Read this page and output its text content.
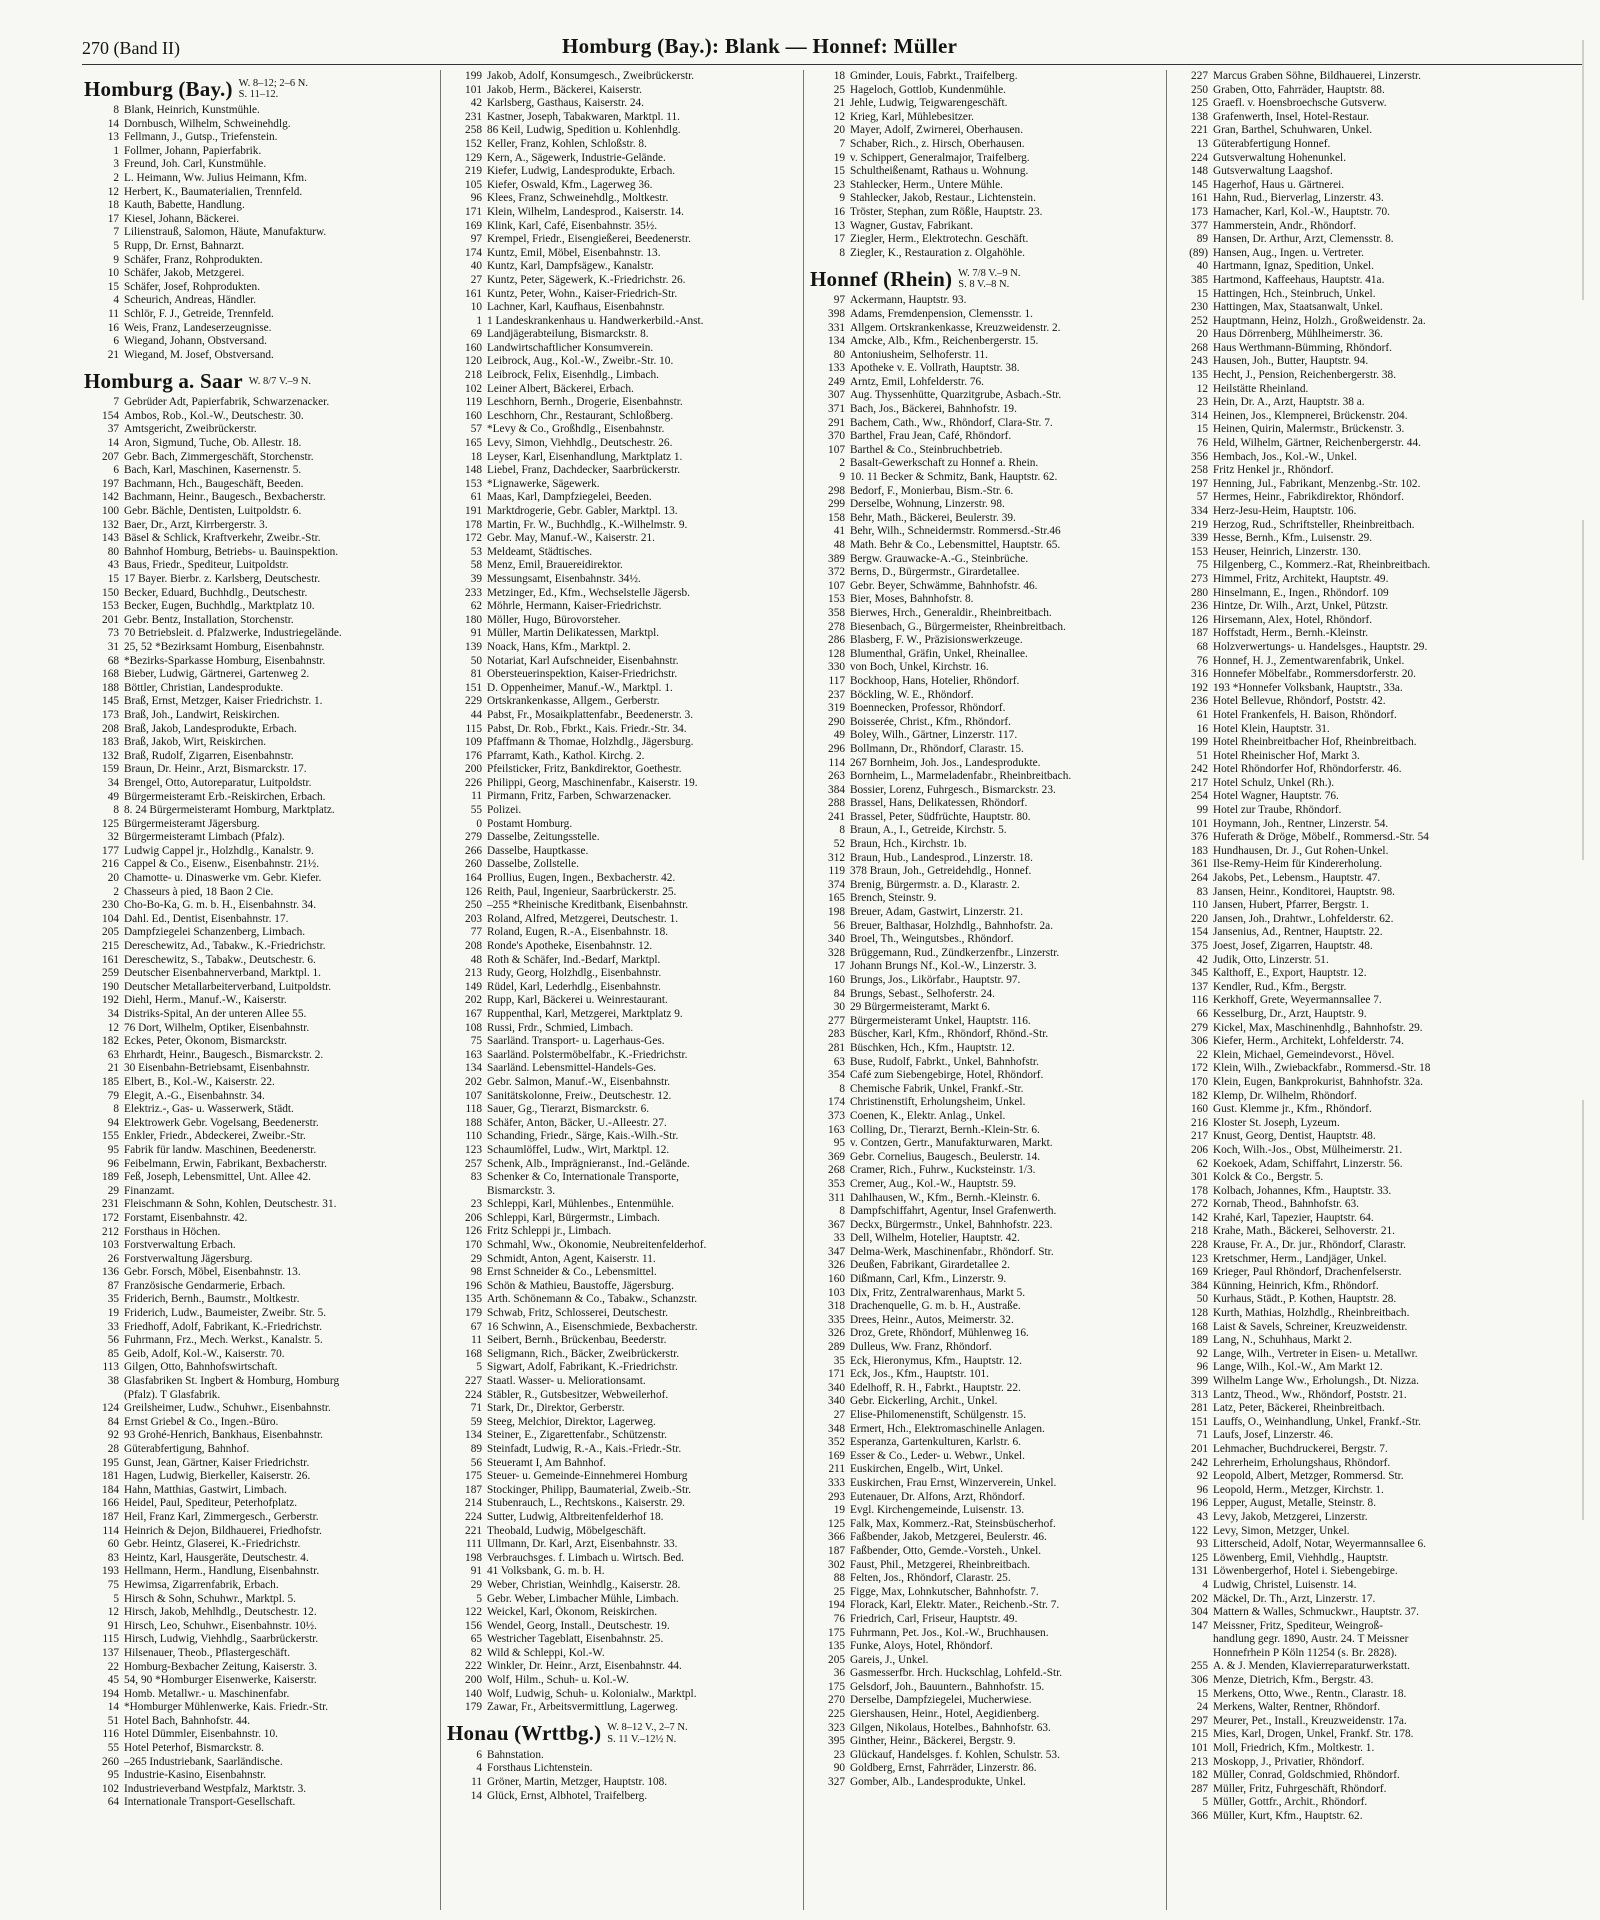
270 (Band II)	Homburg (Bay.): Blank — Honnef: Müller
Homburg (Bay.) W. 8–12; 2–6 N.
S. 11–12.
8 Blank, Heinrich, Kunstmühle.
14 Dornbusch, Wilhelm, Schweinehdlg.
13 Fellmann, J., Gutsp., Triefenstein.
1 Follmer, Johann, Papierfabrik.
3 Freund, Joh. Carl, Kunstmühle.
2 L. Heimann, Ww. Julius Heimann, Kfm.
12 Herbert, K., Baumaterialien, Trennfeld.
18 Kauth, Babette, Handlung.
17 Kiesel, Johann, Bäckerei.
7 Lilienstrauß, Salomon, Häute, Manufakturw.
5 Rupp, Dr. Ernst, Bahnarzt.
9 Schäfer, Franz, Rohprodukten.
10 Schäfer, Jakob, Metzgerei.
15 Schäfer, Josef, Rohprodukten.
4 Scheurich, Andreas, Händler.
11 Schlör, F. J., Getreide, Trennfeld.
16 Weis, Franz, Landeserzeugnisse.
6 Wiegand, Johann, Obstversand.
21 Wiegand, M. Josef, Obstversand.
Homburg a. Saar W. 8/7 V.–9 N.
7 Gebrüder Adt, Papierfabrik, Schwarzenacker.
154 Ambos, Rob., Kol.-W., Deutschestr. 30.
37 Amtsgericht, Zweibrückerstr.
14 Aron, Sigmund, Tuche, Ob. Allestr. 18.
207 Gebr. Bach, Zimmergeschäft, Storchenstr.
6 Bach, Karl, Maschinen, Kasernenstr. 5.
197 Bachmann, Hch., Baugeschäft, Beeden.
142 Bachmann, Heinr., Baugesch., Bexbacherstr.
100 Gebr. Bächle, Dentisten, Luitpoldstr. 6.
132 Baer, Dr., Arzt, Kirrbergerstr. 3.
143 Bäsel & Schlick, Kraftverkehr, Zweibr.-Str.
80 Bahnhof Homburg, Betriebs- u. Bauinspektion.
43 Baus, Friedr., Spediteur, Luitpoldstr.
15 17 Bayer. Bierbr. z. Karlsberg, Deutschestr.
150 Becker, Eduard, Buchhdlg., Deutschestr.
153 Becker, Eugen, Buchhdlg., Marktplatz 10.
201 Gebr. Bentz, Installation, Storchenstr.
73 70 Betriebsleit. d. Pfalzwerke, Industriegelände.
31 25, 52 *Bezirksamt Homburg, Eisenbahnstr.
68 *Bezirks-Sparkasse Homburg, Eisenbahnstr.
168 Bieber, Ludwig, Gärtnerei, Gartenweg 2.
188 Böttler, Christian, Landesprodukte.
145 Braß, Ernst, Metzger, Kaiser Friedrichstr. 1.
173 Braß, Joh., Landwirt, Reiskirchen.
208 Braß, Jakob, Landesprodukte, Erbach.
183 Braß, Jakob, Wirt, Reiskirchen.
132 Braß, Rudolf, Zigarren, Eisenbahnstr.
159 Braun, Dr. Heinr., Arzt, Bismarckstr. 17.
34 Brengel, Otto, Autoreparatur, Luitpoldstr.
49 Bürgermeisteramt Erb.-Reiskirchen, Erbach.
8 8. 24 Bürgermeisteramt Homburg, Marktplatz.
125 Bürgermeisteramt Jägersburg.
32 Bürgermeisteramt Limbach (Pfalz).
177 Ludwig Cappel jr., Holzhdlg., Kanalstr. 9.
216 Cappel & Co., Eisenw., Eisenbahnstr. 21½.
20 Chamotte- u. Dinaswerke vm. Gebr. Kiefer.
2 Chasseurs à pied, 18 Baon 2 Cie.
230 Cho-Bo-Ka, G. m. b. H., Eisenbahnstr. 34.
104 Dahl. Ed., Dentist, Eisenbahnstr. 17.
205 Dampfziegelei Schanzenberg, Limbach.
215 Dereschewitz, Ad., Tabakw., K.-Friedrichstr.
161 Dereschewitz, S., Tabakw., Deutschestr. 6.
259 Deutscher Eisenbahnerverband, Marktpl. 1.
190 Deutscher Metallarbeiterverband, Luitpoldstr.
192 Diehl, Herm., Manuf.-W., Kaiserstr.
34 Distriks-Spital, An der unteren Allee 55.
12 76 Dort, Wilhelm, Optiker, Eisenbahnstr.
182 Eckes, Peter, Ökonom, Bismarckstr.
63 Ehrhardt, Heinr., Baugesch., Bismarckstr. 2.
21 30 Eisenbahn-Betriebsamt, Eisenbahnstr.
185 Elbert, B., Kol.-W., Kaiserstr. 22.
79 Elegit, A.-G., Eisenbahnstr. 34.
8 Elektriz.-, Gas- u. Wasserwerk, Städt.
94 Elektrowerk Gebr. Vogelsang, Beedenerstr.
155 Enkler, Friedr., Abdeckerei, Zweibr.-Str.
95 Fabrik für landw. Maschinen, Beedenerstr.
96 Feibelmann, Erwin, Fabrikant, Bexbacherstr.
189 Feß, Joseph, Lebensmittel, Unt. Allee 42.
29 Finanzamt.
231 Fleischmann & Sohn, Kohlen, Deutschestr. 31.
172 Forstamt, Eisenbahnstr. 42.
212 Forsthaus in Höchen.
103 Forstverwaltung Erbach.
26 Forstverwaltung Jägersburg.
136 Gebr. Forsch, Möbel, Eisenbahnstr. 13.
87 Französische Gendarmerie, Erbach.
35 Friderich, Bernh., Baumstr., Moltkestr.
19 Friderich, Ludw., Baumeister, Zweibr. Str. 5.
33 Friedhoff, Adolf, Fabrikant, K.-Friedrichstr.
56 Fuhrmann, Frz., Mech. Werkst., Kanalstr. 5.
85 Geib, Adolf, Kol.-W., Kaiserstr. 70.
113 Gilgen, Otto, Bahnhofswirtschaft.
38 Glasfabriken St. Ingbert & Homburg, Homburg
(Pfalz). T Glasfabrik.
124 Greilsheimer, Ludw., Schuhwr., Eisenbahnstr.
84 Ernst Griebel & Co., Ingen.-Büro.
92 93 Grohé-Henrich, Bankhaus, Eisenbahnstr.
28 Güterabfertigung, Bahnhof.
195 Gunst, Jean, Gärtner, Kaiser Friedrichstr.
181 Hagen, Ludwig, Bierkeller, Kaiserstr. 26.
184 Hahn, Matthias, Gastwirt, Limbach.
166 Heidel, Paul, Spediteur, Peterhofplatz.
187 Heil, Franz Karl, Zimmergesch., Gerberstr.
114 Heinrich & Dejon, Bildhauerei, Friedhofstr.
60 Gebr. Heintz, Glaserei, K.-Friedrichstr.
83 Heintz, Karl, Hausgeräte, Deutschestr. 4.
193 Hellmann, Herm., Handlung, Eisenbahnstr.
75 Hewimsa, Zigarrenfabrik, Erbach.
5 Hirsch & Sohn, Schuhwr., Marktpl. 5.
12 Hirsch, Jakob, Mehlhdlg., Deutschestr. 12.
91 Hirsch, Leo, Schuhwr., Eisenbahnstr. 10½.
115 Hirsch, Ludwig, Viehhdlg., Saarbrückerstr.
137 Hilsenauer, Theob., Pflastergeschäft.
22 Homburg-Bexbacher Zeitung, Kaiserstr. 3.
45 54, 90 *Homburger Eisenwerke, Kaiserstr.
194 Homb. Metallwr.- u. Maschinenfabr.
14 *Homburger Mühlenwerke, Kais. Friedr.-Str.
51 Hotel Bach, Bahnhofstr. 44.
116 Hotel Dümmler, Eisenbahnstr. 10.
55 Hotel Peterhof, Bismarckstr. 8.
260 –265 Industriebank, Saarländische.
95 Industrie-Kasino, Eisenbahnstr.
102 Industrieverband Westpfalz, Marktstr. 3.
64 Internationale Transport-Gesellschaft.
199 Jakob, Adolf, Konsumgesch., Zweibrückerstr.
101 Jakob, Herm., Bäckerei, Kaiserstr.
42 Karlsberg, Gasthaus, Kaiserstr. 24.
231 Kastner, Joseph, Tabakwaren, Marktpl. 11.
258 86 Keil, Ludwig, Spedition u. Kohlenhdlg.
152 Keller, Franz, Kohlen, Schloßstr. 8.
129 Kern, A., Sägewerk, Industrie-Gelände.
219 Kiefer, Ludwig, Landesprodukte, Erbach.
105 Kiefer, Oswald, Kfm., Lagerweg 36.
96 Klees, Franz, Schweinehdlg., Moltkestr.
171 Klein, Wilhelm, Landesprod., Kaiserstr. 14.
169 Klink, Karl, Café, Eisenbahnstr. 35½.
97 Krempel, Friedr., Eisengießerei, Beedenerstr.
174 Kuntz, Emil, Möbel, Eisenbahnstr. 13.
40 Kuntz, Karl, Dampfsägew., Kanalstr.
27 Kuntz, Peter, Sägewerk, K.-Friedrichstr. 26.
161 Kuntz, Peter, Wohn., Kaiser-Friedrich-Str.
10 Lachner, Karl, Kaufhaus, Eisenbahnstr.
1 1 Landeskrankenhaus u. Handwerkerbild.-Anst.
69 Landjägerabteilung, Bismarckstr. 8.
160 Landwirtschaftlicher Konsumverein.
120 Leibrock, Aug., Kol.-W., Zweibr.-Str. 10.
218 Leibrock, Felix, Eisenhdlg., Limbach.
102 Leiner Albert, Bäckerei, Erbach.
119 Leschhorn, Bernh., Drogerie, Eisenbahnstr.
160 Leschhorn, Chr., Restaurant, Schloßberg.
57 *Levy & Co., Großhdlg., Eisenbahnstr.
165 Levy, Simon, Viehhdlg., Deutschestr. 26.
18 Leyser, Karl, Eisenhandlung, Marktplatz 1.
148 Liebel, Franz, Dachdecker, Saarbrückerstr.
153 *Lignawerke, Sägewerk.
61 Maas, Karl, Dampfziegelei, Beeden.
191 Marktdrogerie, Gebr. Gabler, Marktpl. 13.
178 Martin, Fr. W., Buchhdlg., K.-Wilhelmstr. 9.
172 Gebr. May, Manuf.-W., Kaiserstr. 21.
53 Meldeamt, Städtisches.
58 Menz, Emil, Brauereidirektor.
39 Messungsamt, Eisenbahnstr. 34½.
233 Metzinger, Ed., Kfm., Wechselstelle Jägersb.
62 Möhrle, Hermann, Kaiser-Friedrichstr.
180 Möller, Hugo, Bürovorsteher.
91 Müller, Martin Delikatessen, Marktpl.
139 Noack, Hans, Kfm., Marktpl. 2.
50 Notariat, Karl Aufschneider, Eisenbahnstr.
81 Obersteuerinspektion, Kaiser-Friedrichstr.
151 D. Oppenheimer, Manuf.-W., Marktpl. 1.
229 Ortskrankenkasse, Allgem., Gerberstr.
44 Pabst, Fr., Mosaikplattenfabr., Beedenerstr. 3.
115 Pabst, Dr. Rob., Fbrkt., Kais. Friedr.-Str. 34.
109 Pfaffmann & Thomae, Holzhdlg., Jägersburg.
176 Pfarramt, Kath., Kathol. Kirchg. 2.
200 Pfeilsticker, Fritz, Bankdirektor, Goethestr.
226 Philippi, Georg, Maschinenfabr., Kaiserstr. 19.
11 Pirmann, Fritz, Farben, Schwarzenacker.
55 Polizei.
0 Postamt Homburg.
279 Dasselbe, Zeitungsstelle.
266 Dasselbe, Hauptkasse.
260 Dasselbe, Zollstelle.
164 Prollius, Eugen, Ingen., Bexbacherstr. 42.
126 Reith, Paul, Ingenieur, Saarbrückerstr. 25.
250 –255 *Rheinische Kreditbank, Eisenbahnstr.
203 Roland, Alfred, Metzgerei, Deutschestr. 1.
77 Roland, Eugen, R.-A., Eisenbahnstr. 18.
208 Ronde's Apotheke, Eisenbahnstr. 12.
48 Roth & Schäfer, Ind.-Bedarf, Marktpl.
213 Rudy, Georg, Holzhdlg., Eisenbahnstr.
149 Rüdel, Karl, Lederhdlg., Eisenbahnstr.
202 Rupp, Karl, Bäckerei u. Weinrestaurant.
167 Ruppenthal, Karl, Metzgerei, Marktplatz 9.
108 Russi, Frdr., Schmied, Limbach.
75 Saarländ. Transport- u. Lagerhaus-Ges.
163 Saarländ. Polstermöbelfabr., K.-Friedrichstr.
134 Saarländ. Lebensmittel-Handels-Ges.
202 Gebr. Salmon, Manuf.-W., Eisenbahnstr.
107 Sanitätskolonne, Freiw., Deutschestr. 12.
118 Sauer, Gg., Tierarzt, Bismarckstr. 6.
188 Schäfer, Anton, Bäcker, U.-Alleestr. 27.
110 Schanding, Friedr., Särge, Kais.-Wilh.-Str.
123 Schaumlöffel, Ludw., Wirt, Marktpl. 12.
257 Schenk, Alb., Imprägnieranst., Ind.-Gelände.
83 Schenker & Co, Internationale Transporte,
Bismarckstr. 3.
23 Schleppi, Karl, Mühlenbes., Entenmühle.
206 Schleppi, Karl, Bürgermstr., Limbach.
126 Fritz Schleppi jr., Limbach.
170 Schmahl, Ww., Ökonomie, Neubreitenfelderhof.
29 Schmidt, Anton, Agent, Kaiserstr. 11.
98 Ernst Schneider & Co., Lebensmittel.
196 Schön & Mathieu, Baustoffe, Jägersburg.
135 Arth. Schönemann & Co., Tabakw., Schanzstr.
179 Schwab, Fritz, Schlosserei, Deutschestr.
67 16 Schwinn, A., Eisenschmiede, Bexbacherstr.
11 Seibert, Bernh., Brückenbau, Beederstr.
168 Seligmann, Rich., Bäcker, Zweibrückerstr.
5 Sigwart, Adolf, Fabrikant, K.-Friedrichstr.
227 Staatl. Wasser- u. Meliorationsamt.
224 Stäbler, R., Gutsbesitzer, Webweilerhof.
71 Stark, Dr., Direktor, Gerberstr.
59 Steeg, Melchior, Direktor, Lagerweg.
134 Steiner, E., Zigarettenfabr., Schützenstr.
89 Steinfadt, Ludwig, R.-A., Kais.-Friedr.-Str.
56 Steueramt I, Am Bahnhof.
175 Steuer- u. Gemeinde-Einnehmerei Homburg
187 Stockinger, Philipp, Baumaterial, Zweib.-Str.
214 Stubenrauch, L., Rechtskons., Kaiserstr. 29.
224 Sutter, Ludwig, Altbreitenfelderhof 18.
221 Theobald, Ludwig, Möbelgeschäft.
111 Ullmann, Dr. Karl, Arzt, Eisenbahnstr. 33.
198 Verbrauchsges. f. Limbach u. Wirtsch. Bed.
91 41 Volksbank, G. m. b. H.
29 Weber, Christian, Weinhdlg., Kaiserstr. 28.
5 Gebr. Weber, Limbacher Mühle, Limbach.
122 Weickel, Karl, Ökonom, Reiskirchen.
156 Wendel, Georg, Install., Deutschestr. 19.
65 Westricher Tageblatt, Eisenbahnstr. 25.
82 Wild & Schleppi, Kol.-W.
222 Winkler, Dr. Heinr., Arzt, Eisenbahnstr. 44.
200 Wolf, Hilm., Schuh- u. Kol.-W.
140 Wolf, Ludwig, Schuh- u. Kolonialw., Marktpl.
179 Zawar, Fr., Arbeitsvermittlung, Lagerweg.
Honau (Wrttbg.) W. 8–12 V., 2–7 N.
S. 11 V.–12½ N.
6 Bahnstation.
4 Forsthaus Lichtenstein.
11 Gröner, Martin, Metzger, Hauptstr. 108.
14 Glück, Ernst, Albhotel, Traifelberg.
18 Gminder, Louis, Fabrkt., Traifelberg.
25 Hageloch, Gottlob, Kundenmühle.
21 Jehle, Ludwig, Teigwarengeschäft.
12 Krieg, Karl, Mühlebesitzer.
20 Mayer, Adolf, Zwirnerei, Oberhausen.
7 Schaber, Rich., z. Hirsch, Oberhausen.
19 v. Schippert, Generalmajor, Traifelberg.
15 Schultheißenamt, Rathaus u. Wohnung.
23 Stahlecker, Herm., Untere Mühle.
9 Stahlecker, Jakob, Restaur., Lichtenstein.
16 Tröster, Stephan, zum Rößle, Hauptstr. 23.
13 Wagner, Gustav, Fabrikant.
17 Ziegler, Herm., Elektrotechn. Geschäft.
8 Ziegler, K., Restauration z. Olgahöhle.
Honnef (Rhein) W. 7/8 V.–9 N.
S. 8 V.–8 N.
97 Ackermann, Hauptstr. 93.
398 Adams, Fremdenpension, Clemensstr. 1.
331 Allgem. Ortskrankenkasse, Kreuzweidenstr. 2.
134 Amcke, Alb., Kfm., Reichenbergerstr. 15.
80 Antoniusheim, Selhoferstr. 11.
133 Apotheke v. E. Vollrath, Hauptstr. 38.
249 Arntz, Emil, Lohfelderstr. 76.
307 Aug. Thyssenhütte, Quarzitgrube, Asbach.-Str.
371 Bach, Jos., Bäckerei, Bahnhofstr. 19.
291 Bachem, Cath., Ww., Rhöndorf, Clara-Str. 7.
370 Barthel, Frau Jean, Café, Rhöndorf.
107 Barthel & Co., Steinbruchbetrieb.
2 Basalt-Gewerkschaft zu Honnef a. Rhein.
9 10. 11 Becker & Schmitz, Bank, Hauptstr. 62.
298 Bedorf, F., Monierbau, Bism.-Str. 6.
299 Derselbe, Wohnung, Linzerstr. 98.
158 Behr, Math., Bäckerei, Beulerstr. 39.
41 Behr, Wilh., Schneidermstr. Rommersd.-Str.46
48 Math. Behr & Co., Lebensmittel, Hauptstr. 65.
389 Bergw. Grauwacke-A.-G., Steinbrüche.
372 Berns, D., Bürgermstr., Girardetallee.
107 Gebr. Beyer, Schwämme, Bahnhofstr. 46.
153 Bier, Moses, Bahnhofstr. 8.
358 Bierwes, Hrch., Generaldir., Rheinbreitbach.
278 Biesenbach, G., Bürgermeister, Rheinbreitbach.
286 Blasberg, F. W., Präzisionswerkzeuge.
128 Blumenthal, Gräfin, Unkel, Rheinallee.
330 von Boch, Unkel, Kirchstr. 16.
117 Bockhoop, Hans, Hotelier, Rhöndorf.
237 Böckling, W. E., Rhöndorf.
319 Boennecken, Professor, Rhöndorf.
290 Boisserée, Christ., Kfm., Rhöndorf.
49 Boley, Wilh., Gärtner, Linzerstr. 117.
296 Bollmann, Dr., Rhöndorf, Clarastr. 15.
114 267 Bornheim, Joh. Jos., Landesprodukte.
263 Bornheim, L., Marmeladenfabr., Rheinbreitbach.
384 Bossier, Lorenz, Fuhrgesch., Bismarckstr. 23.
288 Brassel, Hans, Delikatessen, Rhöndorf.
241 Brassel, Peter, Südfrüchte, Hauptstr. 80.
8 Braun, A., I., Getreide, Kirchstr. 5.
52 Braun, Hch., Kirchstr. 1b.
312 Braun, Hub., Landesprod., Linzerstr. 18.
119 378 Braun, Joh., Getreidehdlg., Honnef.
374 Brenig, Bürgermstr. a. D., Klarastr. 2.
165 Brench, Steinstr. 9.
198 Breuer, Adam, Gastwirt, Linzerstr. 21.
56 Breuer, Balthasar, Holzhdlg., Bahnhofstr. 2a.
340 Broel, Th., Weingutsbes., Rhöndorf.
328 Brüggemann, Rud., Zündkerzenfbr., Linzerstr.
17 Johann Brungs Nf., Kol.-W., Linzerstr. 3.
160 Brungs, Jos., Likörfabr., Hauptstr. 97.
84 Brungs, Sebast., Selhoferstr. 24.
30 29 Bürgermeisteramt, Markt 6.
277 Bürgermeisteramt Unkel, Hauptstr. 116.
283 Büscher, Karl, Kfm., Rhöndorf, Rhönd.-Str.
281 Büschken, Hch., Kfm., Hauptstr. 12.
63 Buse, Rudolf, Fabrkt., Unkel, Bahnhofstr.
354 Café zum Siebengebirge, Hotel, Rhöndorf.
8 Chemische Fabrik, Unkel, Frankf.-Str.
174 Christinenstift, Erholungsheim, Unkel.
373 Coenen, K., Elektr. Anlag., Unkel.
163 Colling, Dr., Tierarzt, Bernh.-Klein-Str. 6.
95 v. Contzen, Gertr., Manufakturwaren, Markt.
369 Gebr. Cornelius, Baugesch., Beulerstr. 14.
268 Cramer, Rich., Fuhrw., Kucksteinstr. 1/3.
353 Cremer, Aug., Kol.-W., Hauptstr. 59.
311 Dahlhausen, W., Kfm., Bernh.-Kleinstr. 6.
8 Dampfschiffahrt, Agentur, Insel Grafenwerth.
367 Deckx, Bürgermstr., Unkel, Bahnhofstr. 223.
33 Dell, Wilhelm, Hotelier, Hauptstr. 42.
347 Delma-Werk, Maschinenfabr., Rhöndorf. Str.
326 Deußen, Fabrikant, Girardetallee 2.
160 Dißmann, Carl, Kfm., Linzerstr. 9.
103 Dix, Fritz, Zentralwarenhaus, Markt 5.
318 Drachenquelle, G. m. b. H., Austraße.
335 Drees, Heinr., Autos, Meimerstr. 32.
326 Droz, Grete, Rhöndorf, Mühlenweg 16.
289 Dulleus, Ww. Franz, Rhöndorf.
35 Eck, Hieronymus, Kfm., Hauptstr. 12.
171 Eck, Jos., Kfm., Hauptstr. 101.
340 Edelhoff, R. H., Fabrkt., Hauptstr. 22.
340 Gebr. Eickerling, Archit., Unkel.
27 Elise-Philomenenstift, Schülgenstr. 15.
348 Ermert, Hch., Elektromaschinelle Anlagen.
352 Esperanza, Gartenkulturen, Karlstr. 6.
169 Esser & Co., Leder- u. Webwr., Unkel.
211 Euskirchen, Engelb., Wirt, Unkel.
333 Euskirchen, Frau Ernst, Winzerverein, Unkel.
293 Eutenauer, Dr. Alfons, Arzt, Rhöndorf.
19 Evgl. Kirchengemeinde, Luisenstr. 13.
125 Falk, Max, Kommerz.-Rat, Steinsbüscherhof.
366 Faßbender, Jakob, Metzgerei, Beulerstr. 46.
187 Faßbender, Otto, Gemde.-Vorsteh., Unkel.
302 Faust, Phil., Metzgerei, Rheinbreitbach.
88 Felten, Jos., Rhöndorf, Clarastr. 25.
25 Figge, Max, Lohnkutscher, Bahnhofstr. 7.
194 Florack, Karl, Elektr. Mater., Reichenb.-Str. 7.
76 Friedrich, Carl, Friseur, Hauptstr. 49.
175 Fuhrmann, Pet. Jos., Kol.-W., Bruchhausen.
135 Funke, Aloys, Hotel, Rhöndorf.
205 Gareis, J., Unkel.
36 Gasmesserfbr. Hrch. Huckschlag, Lohfeld.-Str.
175 Gelsdorf, Joh., Bauuntern., Bahnhofstr. 15.
270 Derselbe, Dampfziegelei, Mucherwiese.
225 Giershausen, Heinr., Hotel, Aegidienberg.
323 Gilgen, Nikolaus, Hotelbes., Bahnhofstr. 63.
395 Ginther, Heinr., Bäckerei, Bergstr. 9.
23 Glückauf, Handelsges. f. Kohlen, Schulstr. 53.
90 Goldberg, Ernst, Fahrräder, Linzerstr. 86.
327 Gomber, Alb., Landesprodukte, Unkel.
227 Marcus Graben Söhne, Bildhauerei, Linzerstr.
250 Graben, Otto, Fahrräder, Hauptstr. 88.
125 Graefl. v. Hoensbroechsche Gutsverw.
138 Grafenwerth, Insel, Hotel-Restaur.
221 Gran, Barthel, Schuhwaren, Unkel.
13 Güterabfertigung Honnef.
224 Gutsverwaltung Hohenunkel.
148 Gutsverwaltung Laagshof.
145 Hagerhof, Haus u. Gärtnerei.
161 Hahn, Rud., Bierverlag, Linzerstr. 43.
173 Hamacher, Karl, Kol.-W., Hauptstr. 70.
377 Hammerstein, Andr., Rhöndorf.
89 Hansen, Dr. Arthur, Arzt, Clemensstr. 8.
(89) Hansen, Aug., Ingen. u. Vertreter.
40 Hartmann, Ignaz, Spedition, Unkel.
385 Hartmond, Kaffeehaus, Hauptstr. 41a.
15 Hattingen, Hch., Steinbruch, Unkel.
230 Hattingen, Max, Staatsanwalt, Unkel.
252 Hauptmann, Heinz, Holzh., Großweidenstr. 2a.
20 Haus Dörrenberg, Mühlheimerstr. 36.
268 Haus Werthmann-Bümming, Rhöndorf.
243 Hausen, Joh., Butter, Hauptstr. 94.
135 Hecht, J., Pension, Reichenbergerstr. 38.
12 Heilstätte Rheinland.
23 Hein, Dr. A., Arzt, Hauptstr. 38 a.
314 Heinen, Jos., Klempnerei, Brückenstr. 204.
15 Heinen, Quirin, Malermstr., Brückenstr. 3.
76 Held, Wilhelm, Gärtner, Reichenbergerstr. 44.
356 Hembach, Jos., Kol.-W., Unkel.
258 Fritz Henkel jr., Rhöndorf.
197 Henning, Jul., Fabrikant, Menzenbg.-Str. 102.
57 Hermes, Heinr., Fabrikdirektor, Rhöndorf.
334 Herz-Jesu-Heim, Hauptstr. 106.
219 Herzog, Rud., Schriftsteller, Rheinbreitbach.
339 Hesse, Bernh., Kfm., Luisenstr. 29.
153 Heuser, Heinrich, Linzerstr. 130.
75 Hilgenberg, C., Kommerz.-Rat, Rheinbreitbach.
273 Himmel, Fritz, Architekt, Hauptstr. 49.
280 Hinselmann, E., Ingen., Rhöndorf. 109
236 Hintze, Dr. Wilh., Arzt, Unkel, Pützstr.
126 Hirsemann, Alex, Hotel, Rhöndorf.
187 Hoffstadt, Herm., Bernh.-Kleinstr.
68 Holzverwertungs- u. Handelsges., Hauptstr. 29.
76 Honnef, H. J., Zementwarenfabrik, Unkel.
316 Honnefer Möbelfabr., Rommersdorferstr. 20.
192 193 *Honnefer Volksbank, Hauptstr., 33a.
236 Hotel Bellevue, Rhöndorf, Poststr. 42.
61 Hotel Frankenfels, H. Baison, Rhöndorf.
16 Hotel Klein, Hauptstr. 31.
199 Hotel Rheinbreitbacher Hof, Rheinbreitbach.
51 Hotel Rheinischer Hof, Markt 3.
242 Hotel Rhöndorfer Hof, Rhöndorferstr. 46.
217 Hotel Schulz, Unkel (Rh.).
254 Hotel Wagner, Hauptstr. 76.
99 Hotel zur Traube, Rhöndorf.
101 Hoymann, Joh., Rentner, Linzerstr. 54.
376 Huferath & Dröge, Möbelf., Rommersd.-Str. 54
183 Hundhausen, Dr. J., Gut Rohen-Unkel.
361 Ilse-Remy-Heim für Kindererholung.
264 Jakobs, Pet., Lebensm., Hauptstr. 47.
83 Jansen, Heinr., Konditorei, Hauptstr. 98.
110 Jansen, Hubert, Pfarrer, Bergstr. 1.
220 Jansen, Joh., Drahtwr., Lohfelderstr. 62.
154 Jansenius, Ad., Rentner, Hauptstr. 22.
375 Joest, Josef, Zigarren, Hauptstr. 48.
42 Judik, Otto, Linzerstr. 51.
345 Kalthoff, E., Export, Hauptstr. 12.
137 Kendler, Rud., Kfm., Bergstr.
116 Kerkhoff, Grete, Weyermannsallee 7.
66 Kesselburg, Dr., Arzt, Hauptstr. 9.
279 Kickel, Max, Maschinenhdlg., Bahnhofstr. 29.
306 Kiefer, Herm., Architekt, Lohfelderstr. 74.
22 Klein, Michael, Gemeindevorst., Hövel.
172 Klein, Wilh., Zwiebackfabr., Rommersd.-Str. 18
170 Klein, Eugen, Bankprokurist, Bahnhofstr. 32a.
182 Klemp, Dr. Wilhelm, Rhöndorf.
160 Gust. Klemme jr., Kfm., Rhöndorf.
216 Kloster St. Joseph, Lyzeum.
217 Knust, Georg, Dentist, Hauptstr. 48.
206 Koch, Wilh.-Jos., Obst, Mülheimerstr. 21.
62 Koekoek, Adam, Schiffahrt, Linzerstr. 56.
301 Kolck & Co., Bergstr. 5.
178 Kolbach, Johannes, Kfm., Hauptstr. 33.
272 Kornab, Theod., Bahnhofstr. 63.
142 Krahé, Karl, Tapezier, Hauptstr. 64.
218 Krahe, Math., Bäckerei, Selhoverstr. 21.
228 Krause, Fr. A., Dr. jur., Rhöndorf, Clarastr.
123 Kretschmer, Herm., Landjäger, Unkel.
169 Krieger, Paul Rhöndorf, Drachenfelserstr.
384 Künning, Heinrich, Kfm., Rhöndorf.
50 Kurhaus, Städt., P. Kothen, Hauptstr. 28.
128 Kurth, Mathias, Holzhdlg., Rheinbreitbach.
168 Laist & Savels, Schreiner, Kreuzweidenstr.
189 Lang, N., Schuhhaus, Markt 2.
92 Lange, Wilh., Vertreter in Eisen- u. Metallwr.
96 Lange, Wilh., Kol.-W., Am Markt 12.
399 Wilhelm Lange Ww., Erholungsh., Dt. Nizza.
313 Lantz, Theod., Ww., Rhöndorf, Poststr. 21.
281 Latz, Peter, Bäckerei, Rheinbreitbach.
151 Lauffs, O., Weinhandlung, Unkel, Frankf.-Str.
71 Laufs, Josef, Linzerstr. 46.
201 Lehmacher, Buchdruckerei, Bergstr. 7.
242 Lehrerheim, Erholungshaus, Rhöndorf.
92 Leopold, Albert, Metzger, Rommersd. Str.
96 Leopold, Herm., Metzger, Kirchstr. 1.
196 Lepper, August, Metalle, Steinstr. 8.
43 Levy, Jakob, Metzgerei, Linzerstr.
122 Levy, Simon, Metzger, Unkel.
93 Litterscheid, Adolf, Notar, Weyermannsallee 6.
125 Löwenberg, Emil, Viehhdlg., Hauptstr.
131 Löwenbergerhof, Hotel i. Siebengebirge.
4 Ludwig, Christel, Luisenstr. 14.
202 Mäckel, Dr. Th., Arzt, Linzerstr. 17.
304 Mattern & Walles, Schmuckwr., Hauptstr. 37.
147 Meissner, Fritz, Spediteur, Weingroß-
handlung gegr. 1890, Austr. 24. T Meissner
Honnefrhein P Köln 11254 (s. Br. 2828).
255 A. & J. Menden, Klavierreparaturwerkstatt.
306 Menze, Dietrich, Kfm., Bergstr. 43.
15 Merkens, Otto, Wwe., Rentn., Clarastr. 18.
24 Merkens, Walter, Rentner, Rhöndorf.
297 Meurer, Pet., Install., Kreuzweidenstr. 17a.
215 Mies, Karl, Drogen, Unkel, Frankf. Str. 178.
101 Moll, Friedrich, Kfm., Moltkestr. 1.
213 Moskopp, J., Privatier, Rhöndorf.
182 Müller, Conrad, Goldschmied, Rhöndorf.
287 Müller, Fritz, Fuhrgeschäft, Rhöndorf.
5 Müller, Gottfr., Archit., Rhöndorf.
366 Müller, Kurt, Kfm., Hauptstr. 62.
